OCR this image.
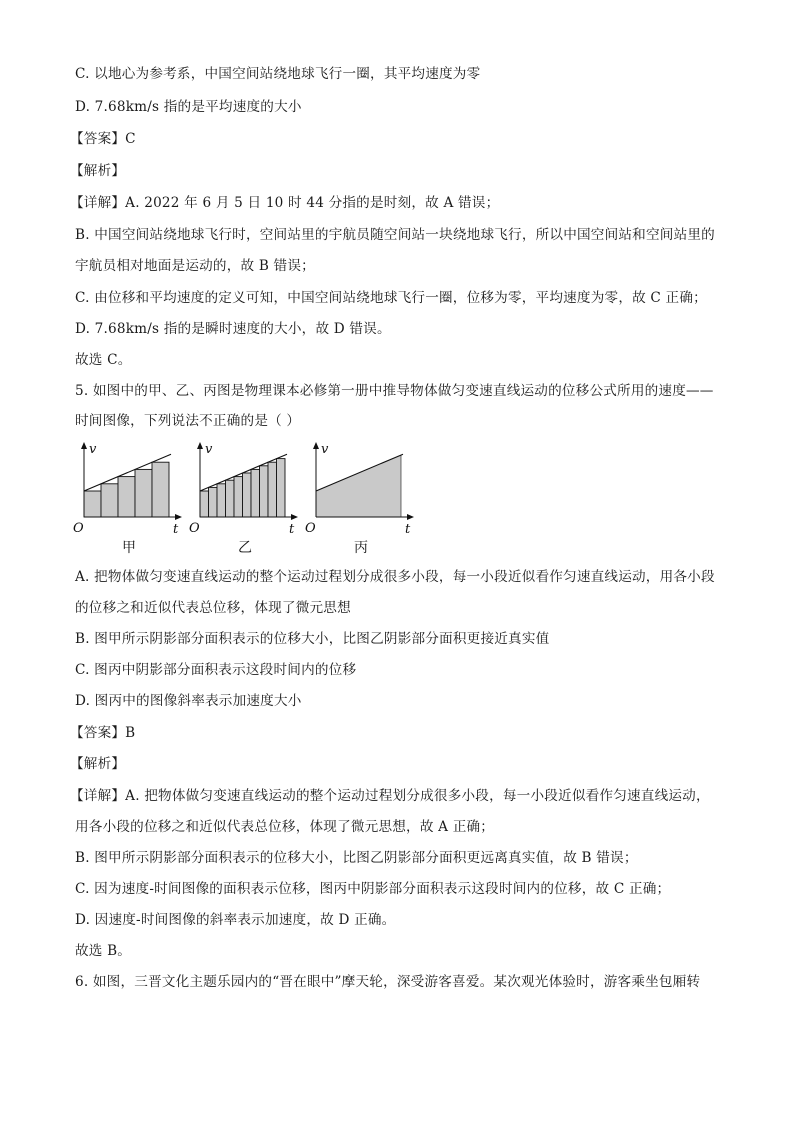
C. 以地心为参考系，中国空间站绕地球飞行一圈，其平均速度为零
D. 7.68km/s 指的是平均速度的大小
【答案】C
【解析】
【详解】A. 2022 年 6 月 5 日 10 时 44 分指的是时刻，故 A 错误；
B. 中国空间站绕地球飞行时，空间站里的宇航员随空间站一块绕地球飞行，所以中国空间站和空间站里的
宇航员相对地面是运动的，故 B 错误；
C. 由位移和平均速度的定义可知，中国空间站绕地球飞行一圈，位移为零，平均速度为零，故 C 正确；
D. 7.68km/s 指的是瞬时速度的大小，故 D 错误。
故选 C。
5. 如图中的甲、乙、丙图是物理课本必修第一册中推导物体做匀变速直线运动的位移公式所用的速度——
时间图像，下列说法不正确的是（ ）
v
t
O
甲
v
t
O
乙
v
t
O
丙
A. 把物体做匀变速直线运动的整个运动过程划分成很多小段，每一小段近似看作匀速直线运动，用各小段
的位移之和近似代表总位移，体现了微元思想
B. 图甲所示阴影部分面积表示的位移大小，比图乙阴影部分面积更接近真实值
C. 图丙中阴影部分面积表示这段时间内的位移
D. 图丙中的图像斜率表示加速度大小
【答案】B
【解析】
【详解】A. 把物体做匀变速直线运动的整个运动过程划分成很多小段，每一小段近似看作匀速直线运动，
用各小段的位移之和近似代表总位移，体现了微元思想，故 A 正确；
B. 图甲所示阴影部分面积表示的位移大小，比图乙阴影部分面积更远离真实值，故 B 错误；
C. 因为速度-时间图像的面积表示位移，图丙中阴影部分面积表示这段时间内的位移，故 C 正确；
D. 因速度-时间图像的斜率表示加速度，故 D 正确。
故选 B。
6. 如图，三晋文化主题乐园内的“晋在眼中”摩天轮，深受游客喜爱。某次观光体验时，游客乘坐包厢转
